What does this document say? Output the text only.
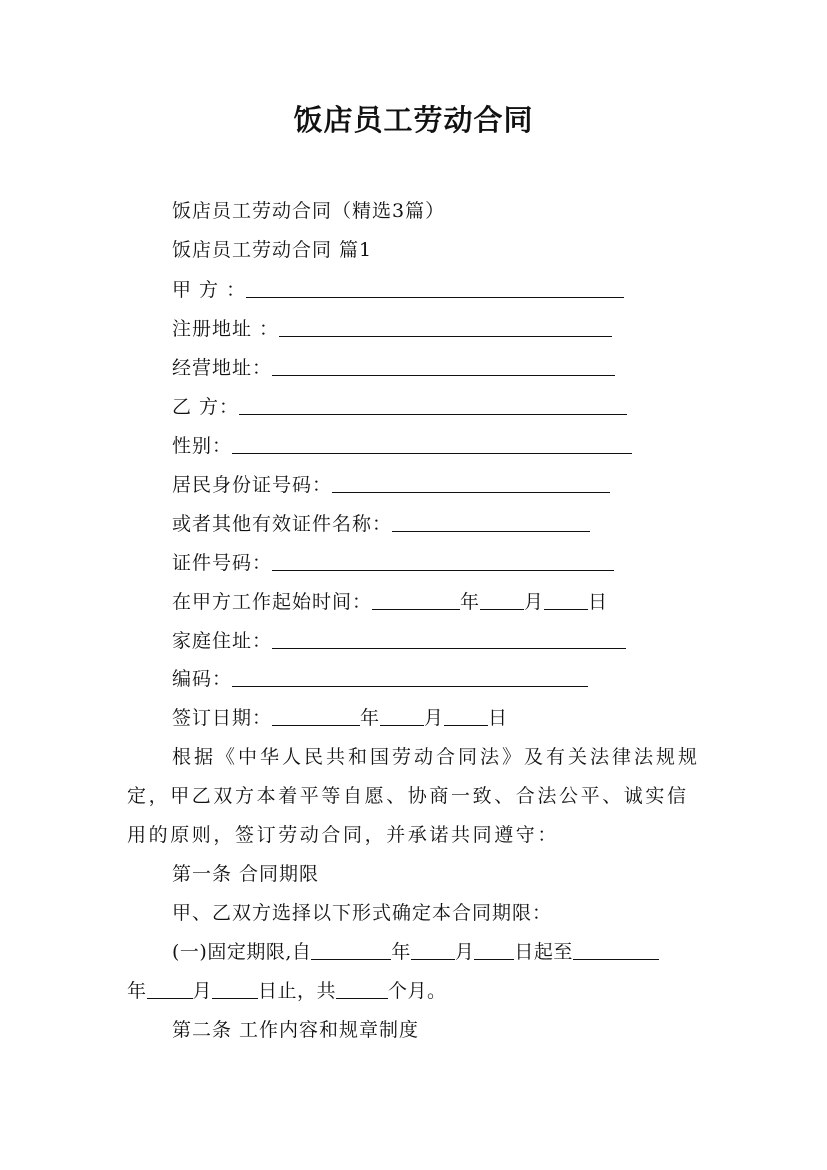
饭店员工劳动合同
饭店员工劳动合同（精选3篇）
饭店员工劳动合同 篇1
甲 方 ：
注册地址 ：
经营地址：
乙 方：
性别：
居民身份证号码：
或者其他有效证件名称：
证件号码：
在甲方工作起始时间：	年 月 日
家庭住址：
编码：
签订日期：	年 月 日
根据《中华人民共和国劳动合同法》及有关法律法规规
定，甲乙双方本着平等自愿、协商一致、合法公平、诚实信
用的原则，签订劳动合同，并承诺共同遵守：
第一条 合同期限
甲、乙双方选择以下形式确定本合同期限：
(一)固定期限,自	年 月 日起至
年 月 日止，共	个月。
第二条 工作内容和规章制度
